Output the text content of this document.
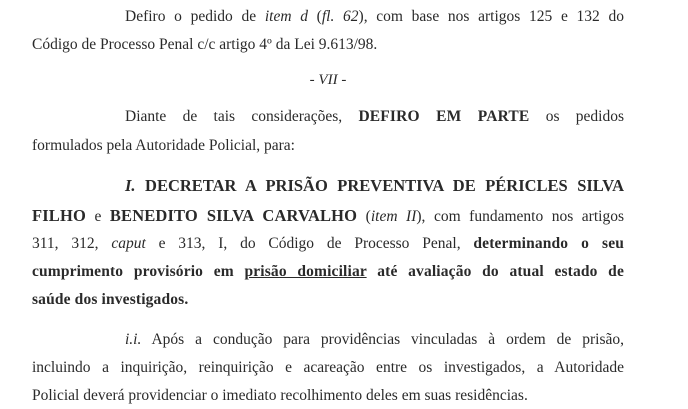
Defiro o pedido de item d (fl. 62), com base nos artigos 125 e 132 do
Código de Processo Penal c/c artigo 4º da Lei 9.613/98.
- VII -
Diante de tais considerações, DEFIRO EM PARTE os pedidos
formulados pela Autoridade Policial, para:
I. DECRETAR A PRISÃO PREVENTIVA DE PÉRICLES SILVA
FILHO e BENEDITO SILVA CARVALHO (item II), com fundamento nos artigos
311, 312, caput e 313, I, do Código de Processo Penal, determinando o seu
cumprimento provisório em prisão domiciliar até avaliação do atual estado de
saúde dos investigados.
i.i. Após a condução para providências vinculadas à ordem de prisão,
incluindo a inquirição, reinquirição e acareação entre os investigados, a Autoridade
Policial deverá providenciar o imediato recolhimento deles em suas residências.
